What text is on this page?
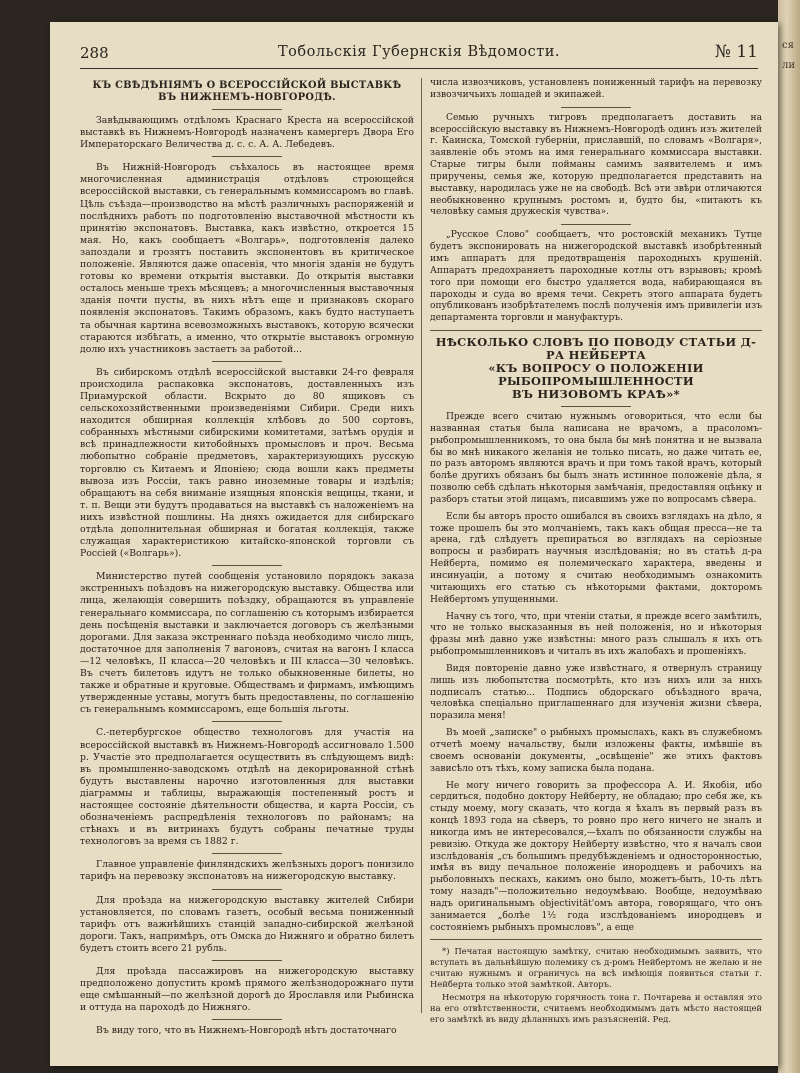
ся
ли
288	Тобольскія Губернскія Вѣдомости.	№ 11
КЪ СВѢДѢНІЯМЪ О ВСЕРОССІЙСКОЙ ВЫСТАВКѢ
ВЪ НИЖНЕМЪ-НОВГОРОДѢ.

Завѣдывающимъ отдѣломъ Краснаго Креста на всероссійской выставкѣ въ Нижнемъ-Новгородѣ назначенъ камергеръ Двора Его Императорскаго Величества д. с. с. А. А. Лебедевъ.

Въ Нижній-Новгородъ съѣхалось въ настоящее время многочисленная администрація отдѣловъ строющейся всероссійской выставки, съ генеральнымъ коммиссаромъ во главѣ. Цѣль съѣзда—производство на мѣстѣ различныхъ распоряженій и послѣднихъ работъ по подготовленію выставочной мѣстности къ принятію экспонатовъ. Выставка, какъ извѣстно, откроется 15 мая. Но, какъ сообщаетъ «Волгарь», подготовленія далеко запоздали и грозятъ поставить экспонентовъ въ критическое положеніе. Являются даже опасенія, что многія зданія не будутъ готовы ко времени открытія выставки. До открытія выставки осталось меньше трехъ мѣсяцевъ; а многочисленныя выставочныя зданія почти пусты, въ нихъ нѣтъ еще и признаковъ скораго появленія экспонатовъ. Такимъ образомъ, какъ будто наступаетъ та обычная картина всевозможныхъ выставокъ, которую всячески стараются избѣгать, а именно, что открытіе выставокъ огромную долю ихъ участниковъ застаетъ за работой...

Въ сибирскомъ отдѣлѣ всероссійской выставки 24-го февраля происходила распаковка экспонатовъ, доставленныхъ изъ Приамурской области. Вскрыто до 80 ящиковъ съ сельскохозяйственными произведеніями Сибири. Среди нихъ находится обширная коллекція хлѣбовъ до 500 сортовъ, собранныхъ мѣстными сибирскими комитетами, затѣмъ орудія и всѣ принадлежности китобойныхъ промысловъ и проч. Весьма любопытно собраніе предметовъ, характеризующихъ русскую торговлю съ Китаемъ и Японіею; сюда вошли какъ предметы вывоза изъ Россіи, такъ равно иноземные товары и издѣлія; обращаютъ на себя вниманіе изящныя японскія вещицы, ткани, и т. п. Вещи эти будутъ продаваться на выставкѣ съ наложеніемъ на нихъ извѣстной пошлины. На дняхъ ожидается для сибирскаго отдѣла дополнительная обширная и богатая коллекція, также служащая характеристикою китайско-японской торговли съ Россіей («Волгарь»).

Министерство путей сообщенія установило порядокъ заказа экстренныхъ поѣздовъ на нижегородскую выставку. Общества или лица, желающія совершить поѣздку, обращаются въ управленіе генеральнаго коммиссара, по соглашенію съ которымъ избирается день посѣщенія выставки и заключается договоръ съ желѣзными дорогами. Для заказа экстреннаго поѣзда необходимо число лицъ, достаточное для заполненія 7 вагоновъ, считая на вагонъ I класса —12 человѣкъ, II класса—20 человѣкъ и III класса—30 человѣкъ. Въ счетъ билетовъ идутъ не только обыкновенные билеты, но также и обратные и круговые. Обществамъ и фирмамъ, имѣющимъ утвержденные уставы, могутъ быть предоставлены, по соглашенію съ генеральнымъ коммиссаромъ, еще большія льготы.

С.-петербургское общество технологовъ для участія на всероссійской выставкѣ въ Нижнемъ-Новгородѣ ассигновало 1.500 р. Участіе это предполагается осуществить въ слѣдующемъ видѣ: въ промышленно-заводскомъ отдѣлѣ на декорированной стѣнѣ будутъ выставлены нарочно изготовленныя для выставки діаграммы и таблицы, выражающія постепенный ростъ и настоящее состояніе дѣятельности общества, и карта Россіи, съ обозначеніемъ распредѣленія технологовъ по районамъ; на стѣнахъ и въ витринахъ будутъ собраны печатные труды технологовъ за время съ 1882 г.

Главное управленіе финляндскихъ желѣзныхъ дорогъ понизило тарифъ на перевозку экспонатовъ на нижегородскую выставку.

Для проѣзда на нижегородскую выставку жителей Сибири установляется, по словамъ газетъ, особый весьма пониженный тарифъ отъ важнѣйшихъ станцій западно-сибирской желѣзной дороги. Такъ, напримѣръ, отъ Омска до Нижняго и обратно билетъ будетъ стоить всего 21 рубль.

Для проѣзда пассажировъ на нижегородскую выставку предположено допустить кромѣ прямого желѣзнодорожнаго пути еще смѣшанный—по желѣзной дорогѣ до Ярославля или Рыбинска и оттуда на пароходѣ до Нижняго.

Въ виду того, что въ Нижнемъ-Новгородѣ нѣтъ достаточнаго

числа извозчиковъ, установленъ пониженный тарифъ на перевозку извозчичьихъ лошадей и экипажей.

Семью ручныхъ тигровъ предполагаетъ доставить на всероссійскую выставку въ Нижнемъ-Новгородѣ одинъ изъ жителей г. Каинска, Томской губерніи, приславшій, по словамъ «Волгаря», заявленіе объ этомъ на имя генеральнаго коммиссара выставки. Старые тигры были пойманы самимъ заявителемъ и имъ приручены, семья же, которую предполагается представить на выставку, народилась уже не на свободѣ. Всѣ эти звѣри отличаются необыкновенно крупнымъ ростомъ и, будто бы, «питаютъ къ человѣку самыя дружескія чувства».

„Русское Слово" сообщаетъ, что ростовскій механикъ Тутце будетъ экспонировать на нижегородской выставкѣ изобрѣтенный имъ аппаратъ для предотвращенія пароходныхъ крушеній. Аппаратъ предохраняетъ пароходные котлы отъ взрывовъ; кромѣ того при помощи его быстро удаляется вода, набирающаяся въ пароходы и суда во время течи. Секретъ этого аппарата будетъ опубликованъ изобрѣтателемъ послѣ полученія имъ привилегіи изъ департамента торговли и мануфактуръ.

НѢСКОЛЬКО СЛОВЪ ПО ПОВОДУ СТАТЬИ Д-РА НЕЙБЕРТА
«КЪ ВОПРОСУ О ПОЛОЖЕНІИ РЫБОПРОМЫШЛЕННОСТИ
ВЪ НИЗОВОМЪ КРАѢ»*

Прежде всего считаю нужнымъ оговориться, что если бы названная статья была написана не врачомъ, а прасоломъ-рыбопромышленникомъ, то она была бы мнѣ понятна и не вызвала бы во мнѣ никакого желанія не только писать, но даже читать ее, по разъ авторомъ являются врачъ и при томъ такой врачъ, который болѣе другихъ обязанъ бы былъ знать истинное положеніе дѣла, я позволю себѣ сдѣлать нѣкоторыя замѣчанія, предоставляя оцѣнку и разборъ статьи этой лицамъ, писавшимъ уже по вопросамъ сѣвера.

Если бы авторъ просто ошибался въ своихъ взглядахъ на дѣло, я тоже прошелъ бы это молчаніемъ, такъ какъ общая пресса—не та арена, гдѣ слѣдуетъ препираться во взглядахъ на серіозные вопросы и разбирать научныя изслѣдованія; но въ статьѣ д-ра Нейберта, помимо ея полемическаго характера, введены и инсинуаціи, а потому я считаю необходимымъ ознакомить читающихъ его статью съ нѣкоторыми фактами, докторомъ Нейбертомъ упущенными.

Начну съ того, что, при чтеніи статьи, я прежде всего замѣтилъ, что не только высказанныя въ ней положенія, но и нѣкоторыя фразы мнѣ давно уже извѣстны: много разъ слышалъ я ихъ отъ рыбопромышленниковъ и читалъ въ ихъ жалобахъ и прошеніяхъ.

Видя повтореніе давно уже извѣстнаго, я отвернулъ страницу лишь изъ любопытства посмотрѣть, кто изъ нихъ или за нихъ подписалъ статью... Подпись обдорскаго объѣздного врача, человѣка спеціально приглашеннаго для изученія жизни сѣвера, поразила меня!

Въ моей „записке" о рыбныхъ промыслахъ, какъ въ служебномъ отчетѣ моему начальству, были изложены факты, имѣвшіе въ своемъ основаніи документы, „освѣщеніе" же этихъ фактовъ зависѣло отъ тѣхъ, кому записка была подана.

Не могу ничего говорить за профессора А. И. Якобія, ибо сердиться, подобно доктору Нейберту, не обладаю; про себя же, къ стыду моему, могу сказать, что когда я ѣхалъ въ первый разъ въ концѣ 1893 года на сѣверъ, то ровно про него ничего не зналъ и никогда имъ не интересовался,—ѣхалъ по обязанности службы на ревизію. Откуда же доктору Нейберту извѣстно, что я началъ свои изслѣдованія „съ большимъ предубѣжденіемъ и односторонностью, имѣя въ виду печальное положеніе инородцевъ и рабочихъ на рыболовныхъ пескахъ, какимъ оно было, можетъ-быть, 10-ть лѣтъ тому назадъ"—положительно недоумѣваю. Вообще, недоумѣваю надъ оригинальнымъ objectivität'омъ автора, говорящаго, что онъ занимается „болѣе 1½ года изслѣдованіемъ инородцевъ и состояніемъ рыбныхъ промысловъ", а еще

*) Печатая настоящую замѣтку, считаю необходимымъ заявить, что вступать въ дальнѣйшую полемику съ д-ромъ Нейбертомъ не желаю и не считаю нужнымъ и ограничусь на всѣ имѣющія появиться статьи г. Нейберта только этой замѣткой. Авторъ.

Несмотря на нѣкоторую горячность тона г. Почтарева и оставляя это на его отвѣтственности, считаемъ необходимымъ дать мѣсто настоящей его замѣткѣ въ виду дѣланныхъ имъ разъясненій. Ред.
